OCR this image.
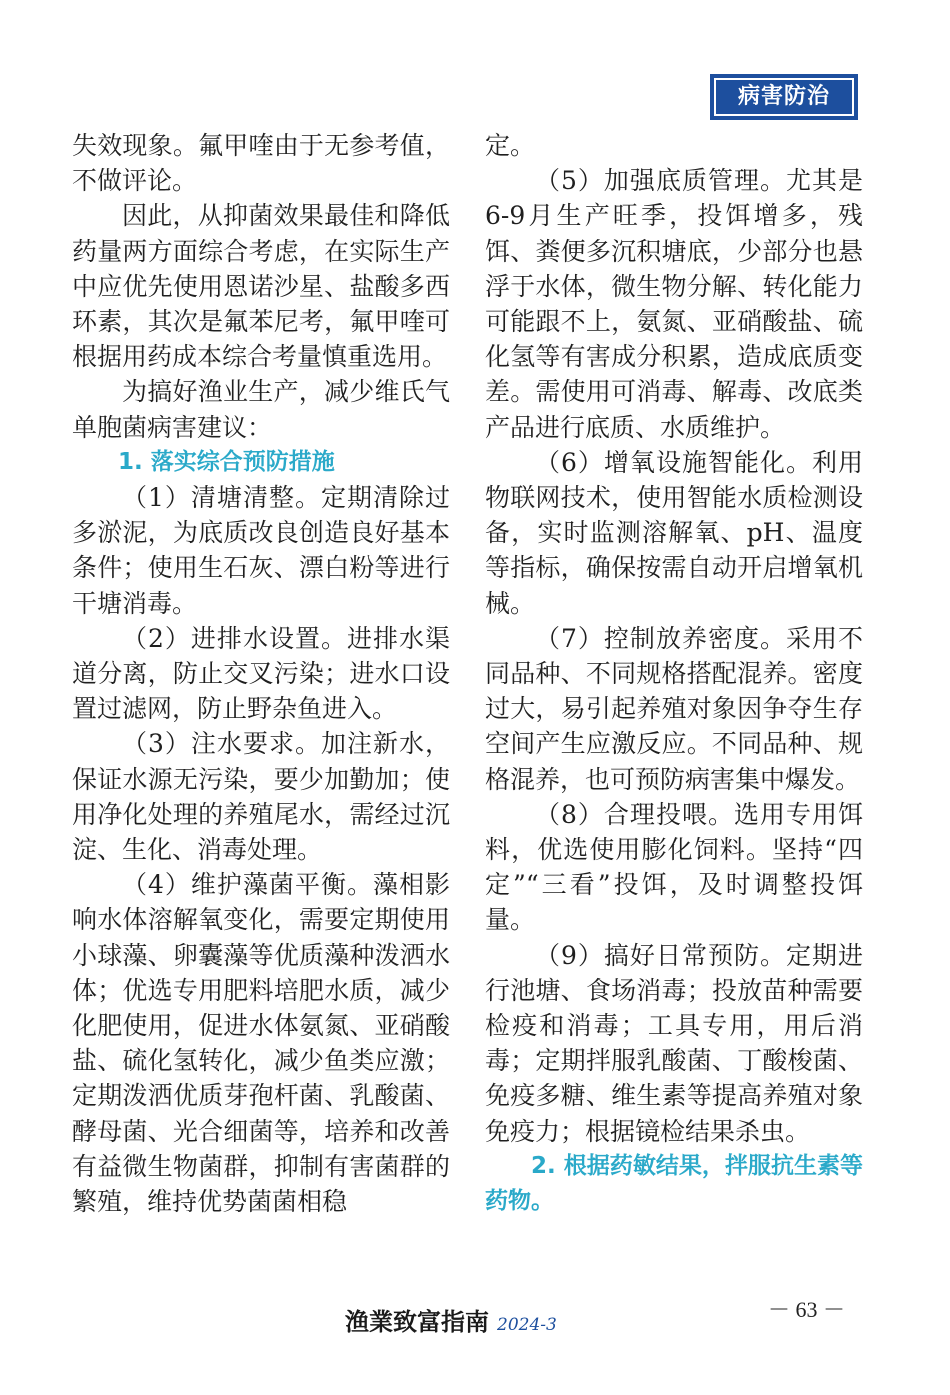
病害防治

失效现象。氟甲喹由于无参考值，不做评论。

因此，从抑菌效果最佳和降低药量两方面综合考虑，在实际生产中应优先使用恩诺沙星、盐酸多西环素，其次是氟苯尼考，氟甲喹可根据用药成本综合考量慎重选用。

为搞好渔业生产，减少维氏气单胞菌病害建议：

1. 落实综合预防措施

（1）清塘清整。定期清除过多淤泥，为底质改良创造良好基本条件；使用生石灰、漂白粉等进行干塘消毒。

（2）进排水设置。进排水渠道分离，防止交叉污染；进水口设置过滤网，防止野杂鱼进入。

（3）注水要求。加注新水，保证水源无污染，要少加勤加；使用净化处理的养殖尾水，需经过沉淀、生化、消毒处理。

（4）维护藻菌平衡。藻相影响水体溶解氧变化，需要定期使用小球藻、卵囊藻等优质藻种泼洒水体；优选专用肥料培肥水质，减少化肥使用，促进水体氨氮、亚硝酸盐、硫化氢转化，减少鱼类应激；定期泼洒优质芽孢杆菌、乳酸菌、酵母菌、光合细菌等，培养和改善有益微生物菌群，抑制有害菌群的繁殖，维持优势菌菌相稳

定。

（5）加强底质管理。尤其是6-9月生产旺季，投饵增多，残饵、粪便多沉积塘底，少部分也悬浮于水体，微生物分解、转化能力可能跟不上，氨氮、亚硝酸盐、硫化氢等有害成分积累，造成底质变差。需使用可消毒、解毒、改底类产品进行底质、水质维护。

（6）增氧设施智能化。利用物联网技术，使用智能水质检测设备，实时监测溶解氧、pH、温度等指标，确保按需自动开启增氧机械。

（7）控制放养密度。采用不同品种、不同规格搭配混养。密度过大，易引起养殖对象因争夺生存空间产生应激反应。不同品种、规格混养，也可预防病害集中爆发。

（8）合理投喂。选用专用饵料，优选使用膨化饲料。坚持“四定”“三看”投饵，及时调整投饵量。

（9）搞好日常预防。定期进行池塘、食场消毒；投放苗种需要检疫和消毒；工具专用，用后消毒；定期拌服乳酸菌、丁酸梭菌、免疫多糖、维生素等提高养殖对象免疫力；根据镜检结果杀虫。

2. 根据药敏结果，拌服抗生素等药物。

渔業致富指南 2024-3
－ 63 －
